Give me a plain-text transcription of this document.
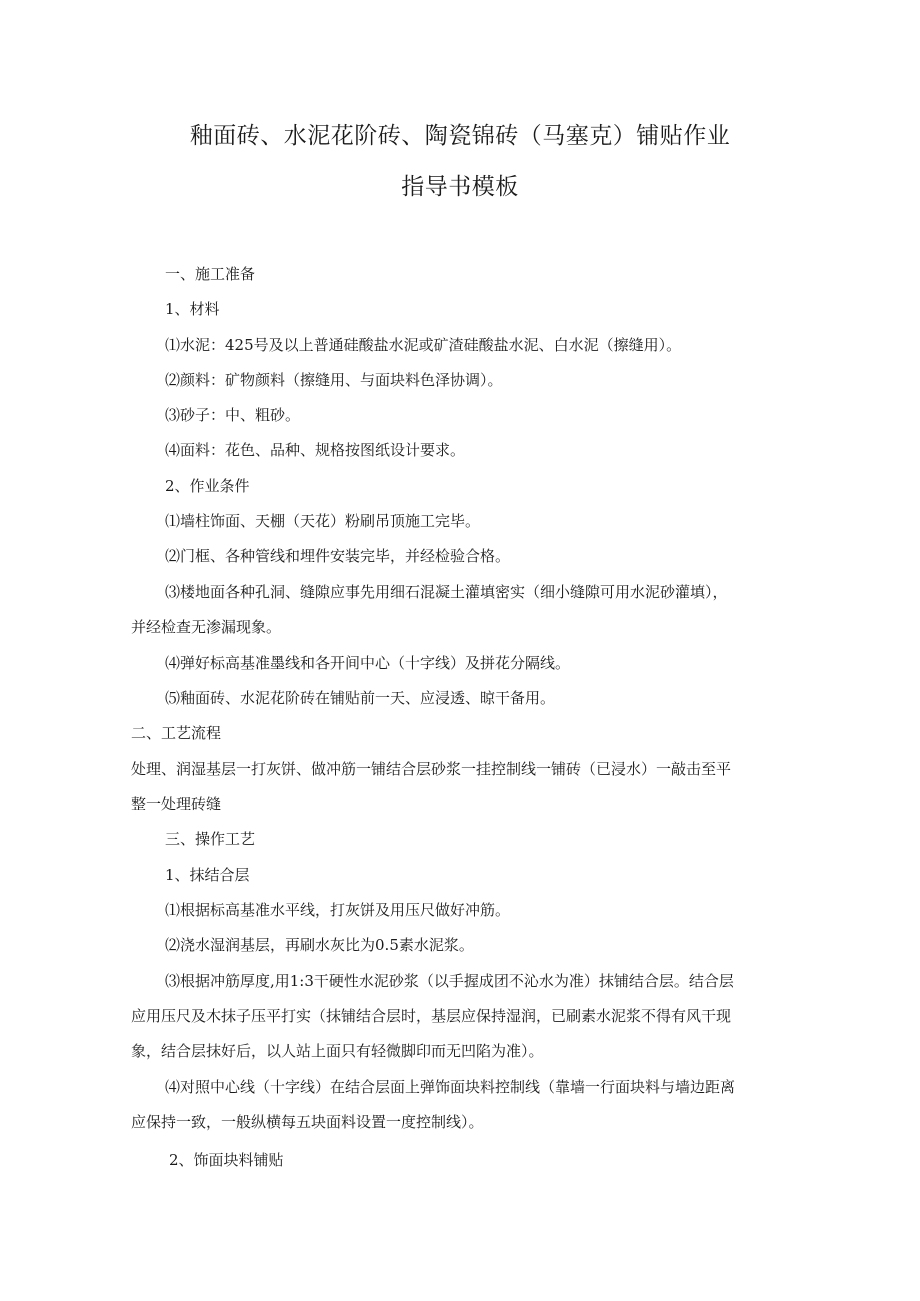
釉面砖、水泥花阶砖、陶瓷锦砖（马塞克）铺贴作业
指导书模板
一、施工准备
1、材料
⑴水泥：425号及以上普通硅酸盐水泥或矿渣硅酸盐水泥、白水泥（擦缝用）。
⑵颜料：矿物颜料（擦缝用、与面块料色泽协调）。
⑶砂子：中、粗砂。
⑷面料：花色、品种、规格按图纸设计要求。
2、作业条件
⑴墙柱饰面、天棚（天花）粉刷吊顶施工完毕。
⑵门框、各种管线和埋件安装完毕，并经检验合格。
⑶楼地面各种孔洞、缝隙应事先用细石混凝土灌填密实（细小缝隙可用水泥砂灌填），
并经检查无渗漏现象。
⑷弹好标高基准墨线和各开间中心（十字线）及拼花分隔线。
⑸釉面砖、水泥花阶砖在铺贴前一天、应浸透、晾干备用。
二、工艺流程
处理、润湿基层一打灰饼、做冲筋一铺结合层砂浆一挂控制线一铺砖（已浸水）一敲击至平
整一处理砖缝
三、操作工艺
1、抹结合层
⑴根据标高基准水平线，打灰饼及用压尺做好冲筋。
⑵浇水湿润基层，再刷水灰比为0.5素水泥浆。
⑶根据冲筋厚度,用1:3干硬性水泥砂浆（以手握成团不沁水为准）抹铺结合层。结合层
应用压尺及木抹子压平打实（抹铺结合层时，基层应保持湿润，已刷素水泥浆不得有风干现
象，结合层抹好后，以人站上面只有轻微脚印而无凹陷为准）。
⑷对照中心线（十字线）在结合层面上弹饰面块料控制线（靠墙一行面块料与墙边距离
应保持一致，一般纵横每五块面料设置一度控制线）。
2、饰面块料铺贴
